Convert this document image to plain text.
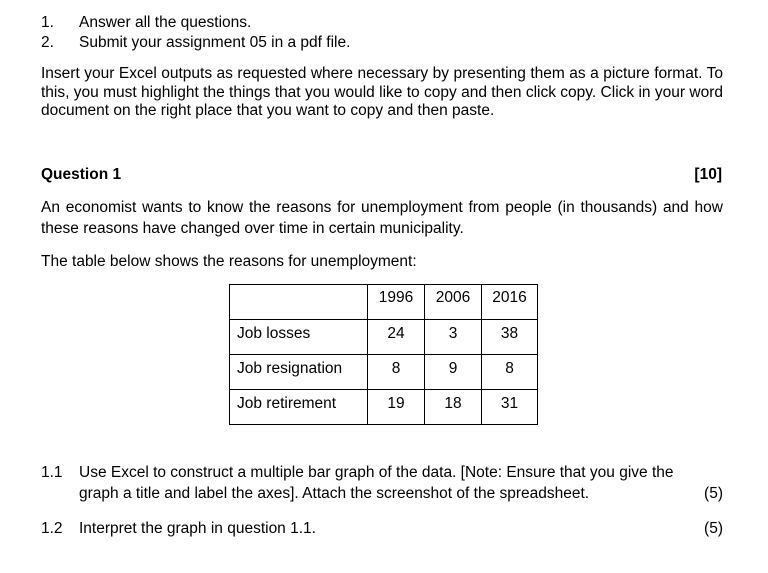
1. Answer all the questions.
2. Submit your assignment 05 in a pdf file.
Insert your Excel outputs as requested where necessary by presenting them as a picture format. To this, you must highlight the things that you would like to copy and then click copy. Click in your word document on the right place that you want to copy and then paste.
Question 1	[10]
An economist wants to know the reasons for unemployment from people (in thousands) and how these reasons have changed over time in certain municipality.
The table below shows the reasons for unemployment:

	1996	2006	2016

Job losses	24	3	38

Job resignation	8	9	8

Job retirement	19	18	31
1.1 Use Excel to construct a multiple bar graph of the data. [Note: Ensure that you give the
graph a title and label the axes]. Attach the screenshot of the spreadsheet.	(5)
1.2 Interpret the graph in question 1.1.	(5)
